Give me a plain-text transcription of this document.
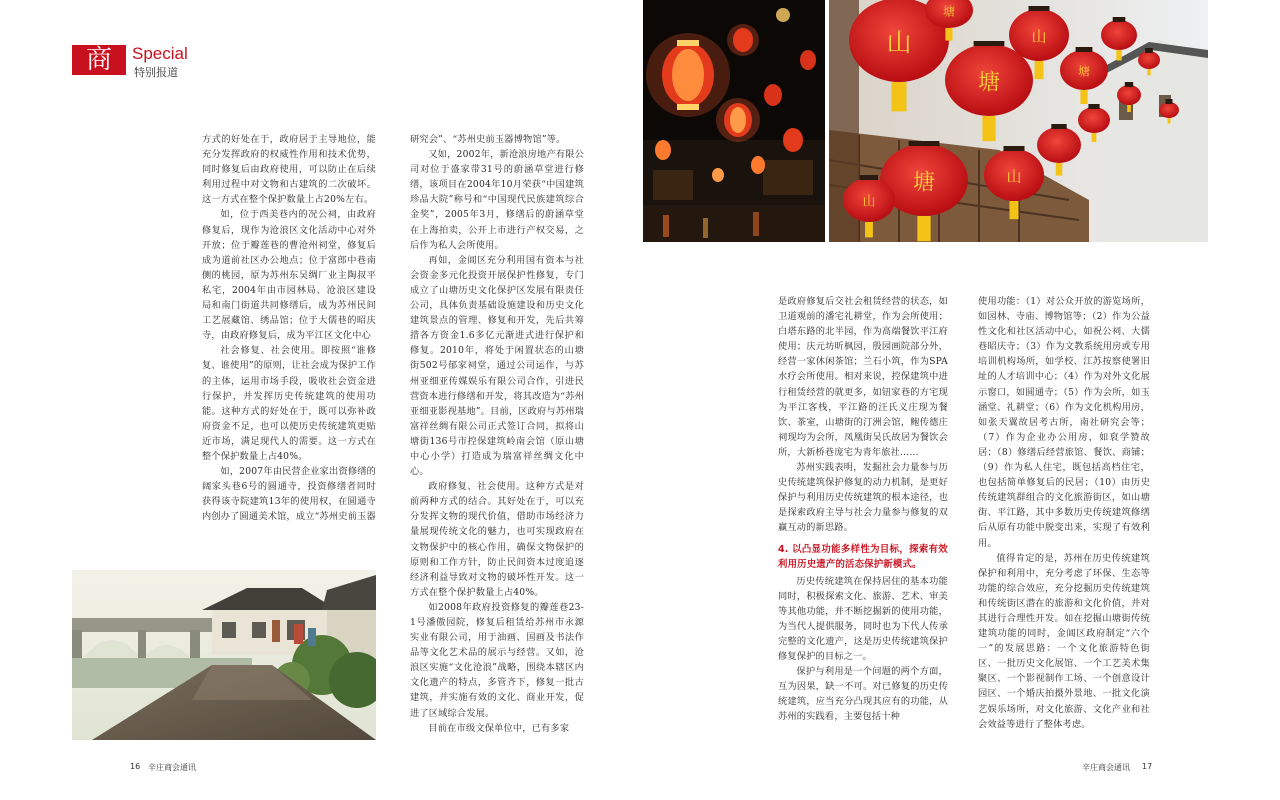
商	Special
特别报道

方式的好处在于，政府居于主导地位，能充分发挥政府的权威性作用和技术优势，同时修复后由政府使用，可以防止在后续利用过程中对文物和古建筑的二次破坏。这一方式在整个保护数量上占20%左右。

如，位于西美巷内的况公祠，由政府修复后，现作为沧浪区文化活动中心对外开放；位于瓣莲巷的曹沧州祠堂，修复后成为道前社区办公地点；位于富郎中巷南侧的桃园，原为苏州东吴绸厂业主陶叔平私宅，2004年由市园林局、沧浪区建设局和南门街道共同修缮后，成为苏州民间工艺展藏馆、绣品馆；位于大儒巷的昭庆寺，由政府修复后，成为平江区文化中心

社会修复、社会使用。即按照“谁修复、谁使用”的原则，让社会成为保护工作的主体，运用市场手段，吸收社会资金进行保护，并发挥历史传统建筑的使用功能。这种方式的好处在于，既可以弥补政府资金不足，也可以使历史传统建筑更贴近市场，满足现代人的需要。这一方式在整个保护数量上占40%。

如，2007年由民营企业家出资修缮的阔家头巷6号的圆通寺，投资修缮者同时获得该寺院建筑13年的使用权，在圆通寺内创办了圆通美术馆，成立“苏州史前玉器

研究会”、“苏州史前玉器博物馆”等。

又如，2002年，新沧浪房地产有限公司对位于盛家带31号的蔚涵草堂进行修缮，该项目在2004年10月荣获“中国建筑珍品大院”称号和“中国现代民族建筑综合金奖”，2005年3月，修缮后的蔚涵草堂在上海拍卖，公开上市进行产权交易，之后作为私人会所使用。

再如，金阊区充分利用国有资本与社会资金多元化投资开展保护性修复，专门成立了山塘历史文化保护区发展有限责任公司，具体负责基础设施建设和历史文化建筑景点的管理、修复和开发，先后共筹措各方资金1.6多亿元渐进式进行保护和修复。2010年，将处于闲置状态的山塘街502号郁家祠堂，通过公司运作，与苏州亚细亚传媒娱乐有限公司合作，引进民营资本进行修缮和开发，将其改造为“苏州亚细亚影视基地”。目前，区政府与苏州瑞富祥丝绸有限公司正式签订合同，拟将山塘街136号市控保建筑岭南会馆（原山塘中心小学）打造成为瑞富祥丝绸文化中心。

政府修复、社会使用。这种方式是对前两种方式的结合。其好处在于，可以充分发挥文物的现代价值，借助市场经济力量展现传统文化的魅力，也可实现政府在文物保护中的核心作用，确保文物保护的原则和工作方针，防止民间资本过度追逐经济利益导致对文物的破坏性开发。这一方式在整个保护数量上占40%。

如2008年政府投资修复的瓣莲巷23-1号潘傲园院，修复后租赁给苏州市永源实业有限公司，用于油画、国画及书法作品等文化艺术品的展示与经营。又如，沧浪区实施“文化沧浪”战略，围绕本辖区内文化遗产的特点，多管齐下，修复一批古建筑，并实施有效的文化、商业开发，促进了区域综合发展。

目前在市级文保单位中，已有多家

是政府修复后交社会租赁经营的状态，如卫道观前的潘宅礼耕堂，作为会所使用；白塔东路的北半园，作为高端餐饮平江府使用；庆元坊昕枫园，殷园画院部分外，经营一家休闲茶馆；兰石小筑，作为SPA水疗会所使用。相对来说，控保建筑中进行租赁经营的就更多，如钮家巷的方宅现为平江客栈，平江路的汪氏义庄现为餐饮、茶室，山塘街的汀洲会馆，鲍传德庄祠现均为会所，凤凰街吴氏故居为餐饮会所，大新桥巷庞宅为青年旅社……

苏州实践表明，发掘社会力量参与历史传统建筑保护修复的动力机制，是更好保护与利用历史传统建筑的根本途径，也是探索政府主导与社会力量参与修复的双赢互动的新思路。

4. 以凸显功能多样性为目标，探索有效利用历史遗产的活态保护新模式。

历史传统建筑在保持居住的基本功能同时，积极探索文化、旅游、艺术、审美等其他功能，并不断挖掘新的使用功能，为当代人提供服务，同时也为下代人传承完整的文化遗产，这是历史传统建筑保护修复保护的目标之一。

保护与利用是一个问题的两个方面，互为因果，缺一不可。对已修复的历史传统建筑，应当充分凸现其应有的功能，从苏州的实践看，主要包括十种

使用功能：（1）对公众开放的游览场所，如园林、寺庙、博物馆等；（2）作为公益性文化和社区活动中心，如祝公祠、大儒巷昭庆寺；（3）作为文教系统用房或专用培训机构场所，如学校、江苏按察使署旧址的人才培训中心；（4）作为对外文化展示窗口，如圆通寺；（5）作为会所，如玉涵堂、礼耕堂；（6）作为文化机构用房，如张天翼故居考古所，南社研究会等；（7）作为企业办公用房，如裒学赞故居；（8）修缮后经营旅馆、餐饮、商铺；（9）作为私人住宅，既包括高档住宅，也包括简单修复后的民居；（10）由历史传统建筑群组合的文化旅游街区，如山塘街、平江路，其中多数历史传统建筑修缮后从原有功能中脱变出来，实现了有效利用。

值得肯定的是，苏州在历史传统建筑保护和利用中，充分考虑了环保、生态等功能的综合效应，充分挖掘历史传统建筑和传统街区潜在的旅游和文化价值，并对其进行合理性开发。如在挖掘山塘街传统建筑功能的同时，金阊区政府制定“六个一”的发展思路：一个文化旅游特色街区、一批历史文化展馆、一个工艺美术集聚区、一个影视制作工场、一个创意设计园区、一个婚庆拍摄外景地、一批文化演艺娱乐场所，对文化旅游、文化产业和社会效益等进行了整体考虑。

山
塘
山
塘
塘	山
塘
山
16 辛庄商会通讯	辛庄商会通讯 17
